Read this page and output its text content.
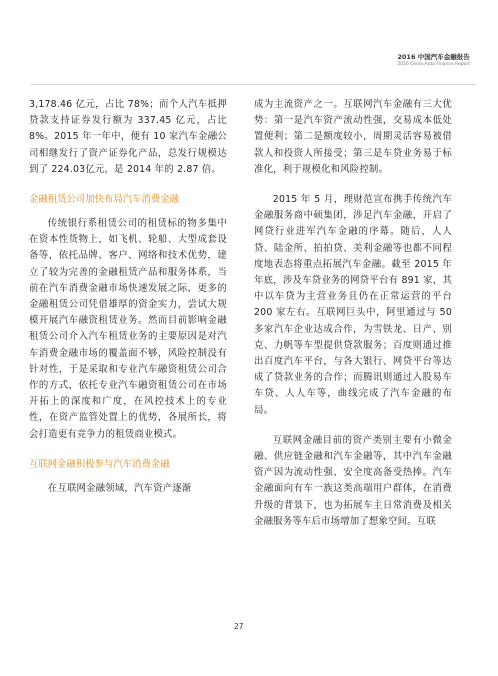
2016 中国汽车金融报告
2016 China Auto Finance Report

3,178.46 亿元，占比 78%；而个人汽车抵押贷款支持证券发行额为 337.45 亿元，占比 8%。2015 年一年中，便有 10 家汽车金融公司相继发行了资产证券化产品，总发行规模达到了 224.03亿元，是 2014 年的 2.87 倍。

金融租赁公司加快布局汽车消费金融

传统银行系租赁公司的租赁标的物多集中在资本性货物上，如飞机、轮船、大型成套设备等，依托品牌、客户、网络和技术优势，建立了较为完善的金融租赁产品和服务体系，当前在汽车消费金融市场快速发展之际，更多的金融租赁公司凭借雄厚的资金实力，尝试大规模开展汽车融资租赁业务。然而目前影响金融租赁公司介入汽车租赁业务的主要原因是对汽车消费金融市场的覆盖面不够，风险控制没有针对性，于是采取和专业汽车融资租赁公司合作的方式，依托专业汽车融资租赁公司在市场开拓上的深度和广度，在风控技术上的专业性，在资产监管处置上的优势，各展所长，将会打造更有竞争力的租赁商业模式。

互联网金融积极参与汽车消费金融

在互联网金融领域，汽车资产逐渐

成为主流资产之一。互联网汽车金融有三大优势：第一是汽车资产流动性强，交易成本低处置便利；第二是额度较小，周期灵活容易被借款人和投资人所接受；第三是车贷业务易于标准化，利于规模化和风险控制。

2015 年 5 月，理财范宣布携手传统汽车金融服务商中硕集团，涉足汽车金融，开启了网贷行业进军汽车金融的序幕。随后，人人贷、陆金所、拍拍贷、美利金融等也都不同程度地表态将重点拓展汽车金融。截至 2015 年年底，涉及车贷业务的网贷平台有 891 家，其中以车贷为主营业务且仍在正常运营的平台 200 家左右。互联网巨头中，阿里通过与 50 多家汽车企业达成合作，为雪铁龙、日产、别克、力帆等车型提供贷款服务；百度则通过推出百度汽车平台，与各大银行、网贷平台等达成了贷款业务的合作；而腾讯则通过入股易车车贷、人人车等，曲线完成了汽车金融的布局。

互联网金融目前的资产类别主要有小微金融、供应链金融和汽车金融等，其中汽车金融资产因为流动性强、安全度高备受热捧。汽车金融面向有车一族这类高端用户群体，在消费升级的背景下，也为拓展车主日常消费及相关金融服务等车后市场增加了想象空间。互联

27
